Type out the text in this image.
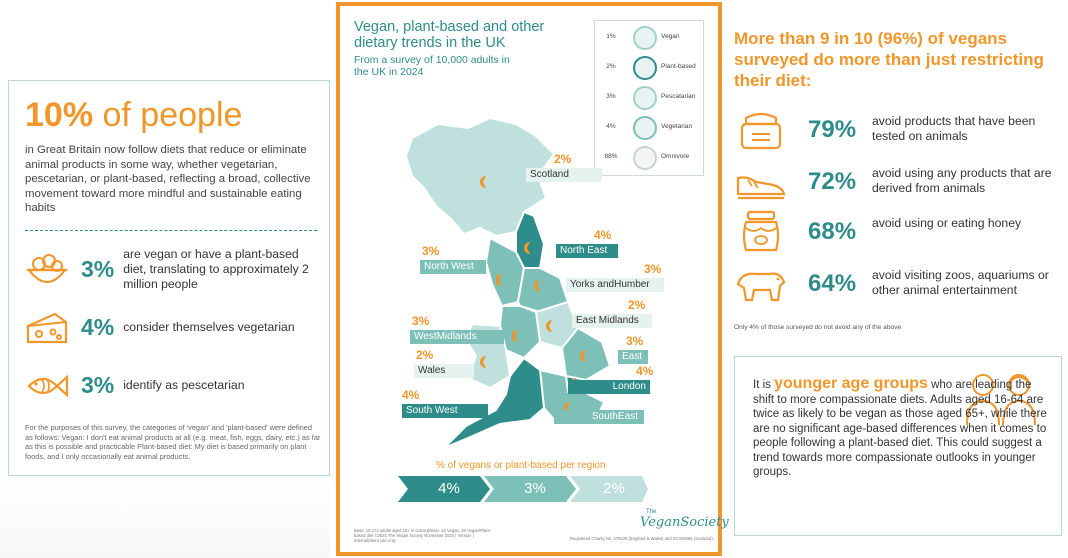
10% of people
in Great Britain now follow diets that reduce or eliminate animal products in some way, whether vegetarian, pescetarian, or plant-based, reflecting a broad, collective movement toward more mindful and sustainable eating habits
3%
are vegan or have a plant-based diet, translating to approximately 2 million people
4% consider themselves vegetarian
3% identify as pescetarian
For the purposes of this survey, the categories of 'vegan' and 'plant-based' were defined as follows: Vegan: I don't eat animal products at all (e.g. meat, fish, eggs, dairy, etc.) as far as this is possible and practicable Plant-based diet: My diet is based primarily on plant foods, and I only occasionally eat animal products.
Vegan, plant-based and other dietary trends in the UK
From a survey of 10,000 adults in the UK in 2024
1%	Vegan
2%	Plant-based
3%	Pescatarian
4%	Vegetarian
88%	Omnivore
2%
Scotland
4%
North East
3%
North West	3%
Yorks andHumber
2%
East Midlands
3%
WestMidlands	3%
East
2%
Wales	4%
London
4%
South West
SouthEast
% of vegans or plant-based per region
4%	3%	2%
Base: 10,174 adults aged 16+ in Great Britain, 22 Vegan, 28 Vegan/Plant-based diet ©2024 The Vegan Society November 2024 | Version | Internal/client use only	Registered Charity No. 279228 (England & Wales) and SC049495 (Scotland)
The
VeganSociety
More than 9 in 10 (96%) of vegans surveyed do more than just restricting their diet:
79% avoid products that have been tested on animals
72% avoid using any products that are derived from animals
68% avoid using or eating honey
64% avoid visiting zoos, aquariums or other animal entertainment
Only 4% of those surveyed do not avoid any of the above
It is younger age groups who are leading the shift to more compassionate diets. Adults aged 16-64 are twice as likely to be vegan as those aged 65+, while there are no significant age-based differences when it comes to people following a plant-based diet. This could suggest a trend towards more compassionate outlooks in younger groups.
